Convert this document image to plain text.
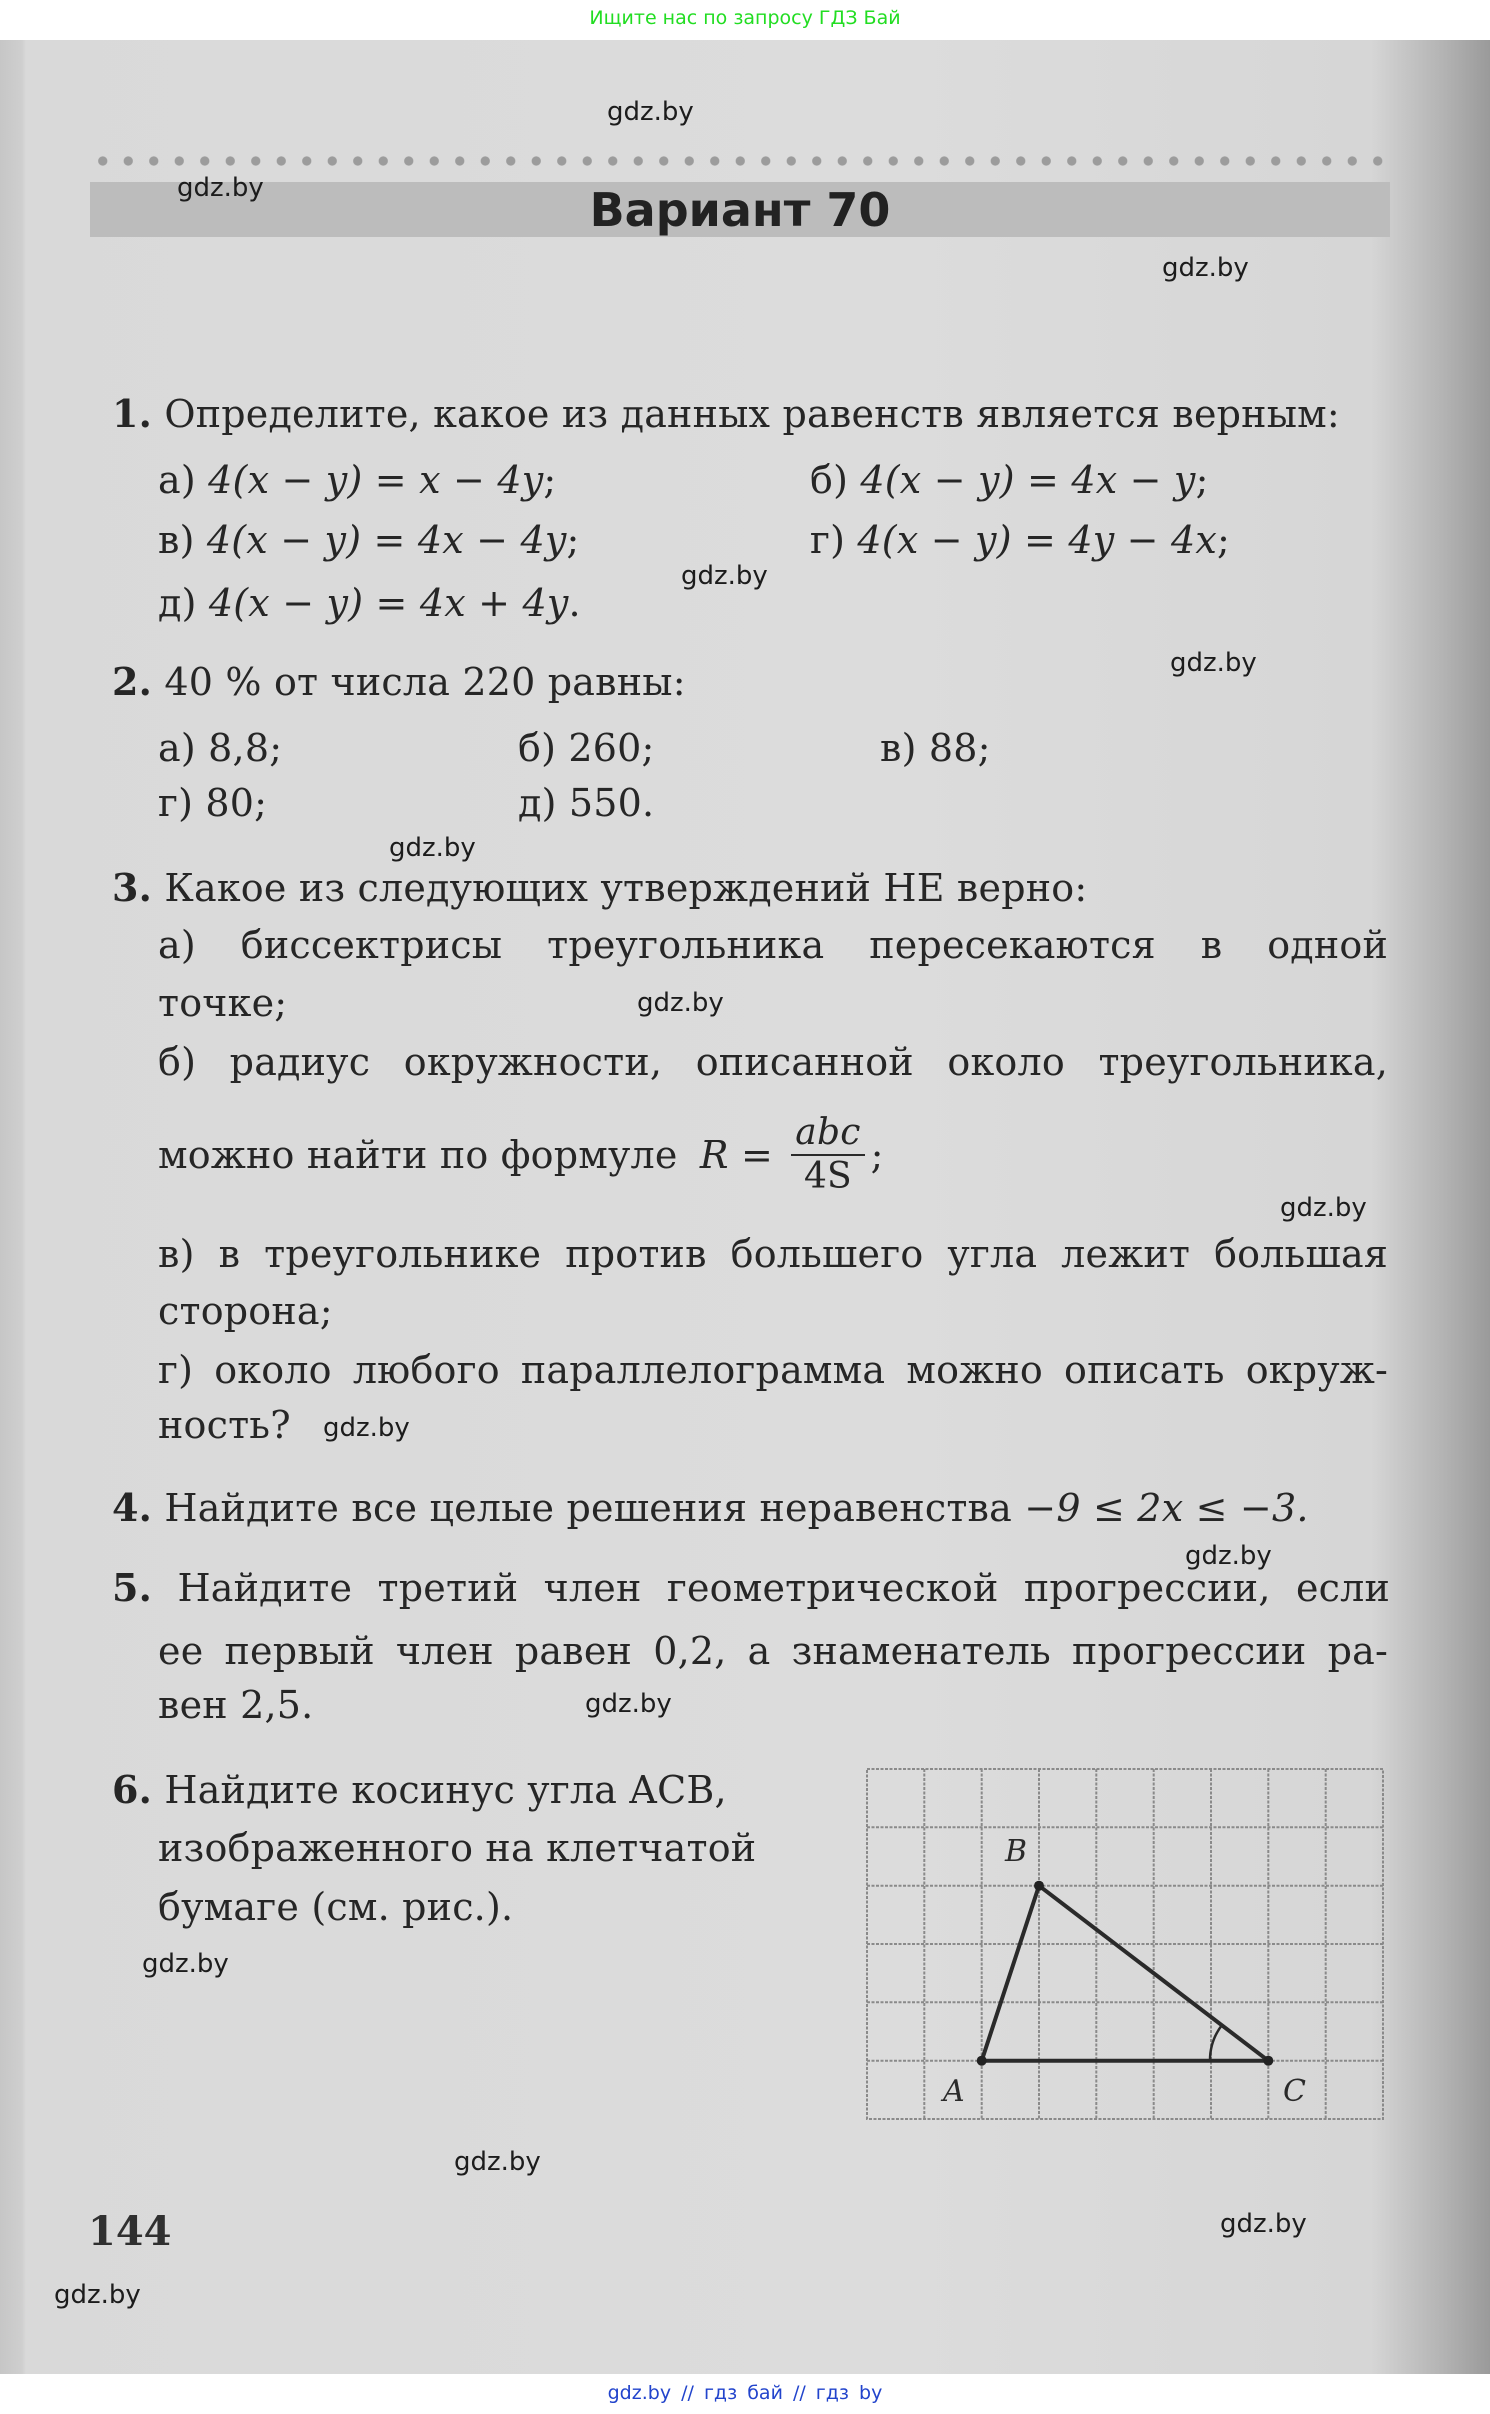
Ищите нас по запросу ГДЗ Бай
Вариант 70
gdz.by
gdz.by
gdz.by
gdz.by
gdz.by
gdz.by
gdz.by
gdz.by
gdz.by
gdz.by
gdz.by
gdz.by
gdz.by
gdz.by
gdz.by
1. Определите, какое из данных равенств является верным:
а) 4(x − y) = x − 4y;	б) 4(x − y) = 4x − y;
в) 4(x − y) = 4x − 4y;	г) 4(x − y) = 4y − 4x;
д) 4(x − y) = 4x + 4y.
2. 40 % от числа 220 равны:
а) 8,8;	б) 260;	в) 88;
г) 80;	д) 550.
3. Какое из следующих утверждений НЕ верно:
а) биссектрисы треугольника пересекаются в одной
точке;
б) радиус окружности, описанной около треугольника,
можно найти по формуле $R = \frac{\text{abc}}{4S}$ ;
в) в треугольнике против большего угла лежит большая
сторона;
г) около любого параллелограмма можно описать окруж-
ность?
4. Найдите все целые решения неравенства −9 ≤ 2x ≤ −3.
5. Найдите третий член геометрической прогрессии, если
ее первый член равен 0,2, а знаменатель прогрессии ра-
вен 2,5.
6. Найдите косинус угла ACB,
изображенного на клетчатой
бумаге (см. рис.).
B
A	C
144
gdz.by // гдз бай // гдз by
